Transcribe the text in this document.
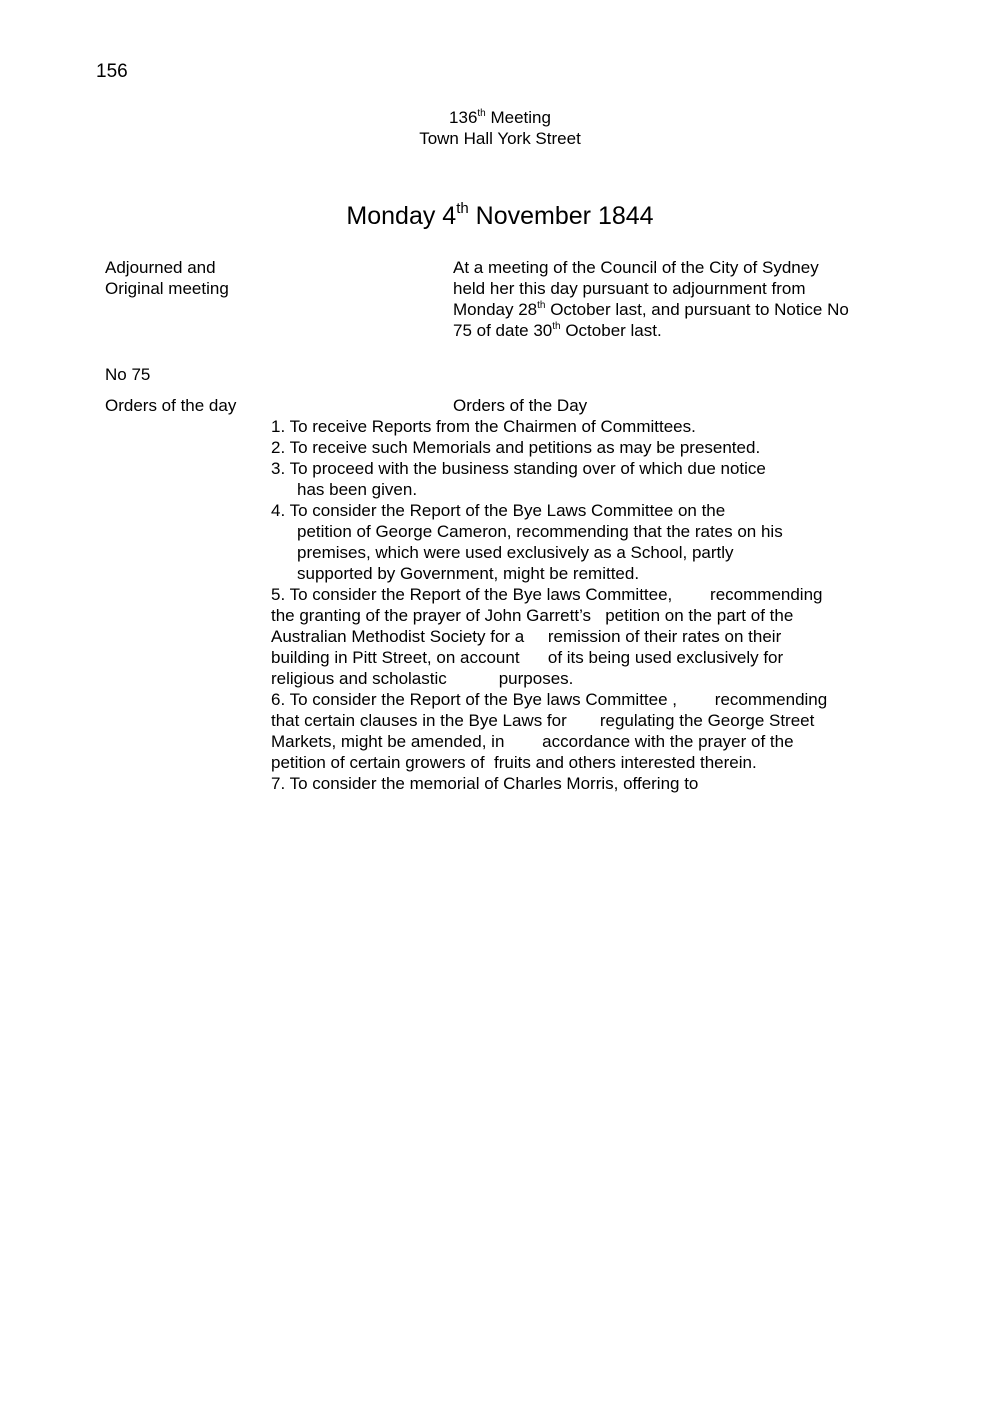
156
136th Meeting
Town Hall York Street
Monday 4th November 1844
Adjourned and
Original meeting
At a meeting of the Council of the City of Sydney
held her this day pursuant to adjournment from
Monday 28th October last, and pursuant to Notice No
75 of date 30th October last.
No 75
Orders of the day	Orders of the Day
1. To receive Reports from the Chairmen of Committees.
2. To receive such Memorials and petitions as may be presented.
3. To proceed with the business standing over of which due notice
has been given.
4. To consider the Report of the Bye Laws Committee on the
petition of George Cameron, recommending that the rates on his
premises, which were used exclusively as a School, partly
supported by Government, might be remitted.
5. To consider the Report of the Bye laws Committee,        recommending
the granting of the prayer of John Garrett’s   petition on the part of the
Australian Methodist Society for a     remission of their rates on their
building in Pitt Street, on account      of its being used exclusively for
religious and scholastic           purposes.
6. To consider the Report of the Bye laws Committee ,        recommending
that certain clauses in the Bye Laws for       regulating the George Street
Markets, might be amended, in        accordance with the prayer of the
petition of certain growers of  fruits and others interested therein.
7. To consider the memorial of Charles Morris, offering to
